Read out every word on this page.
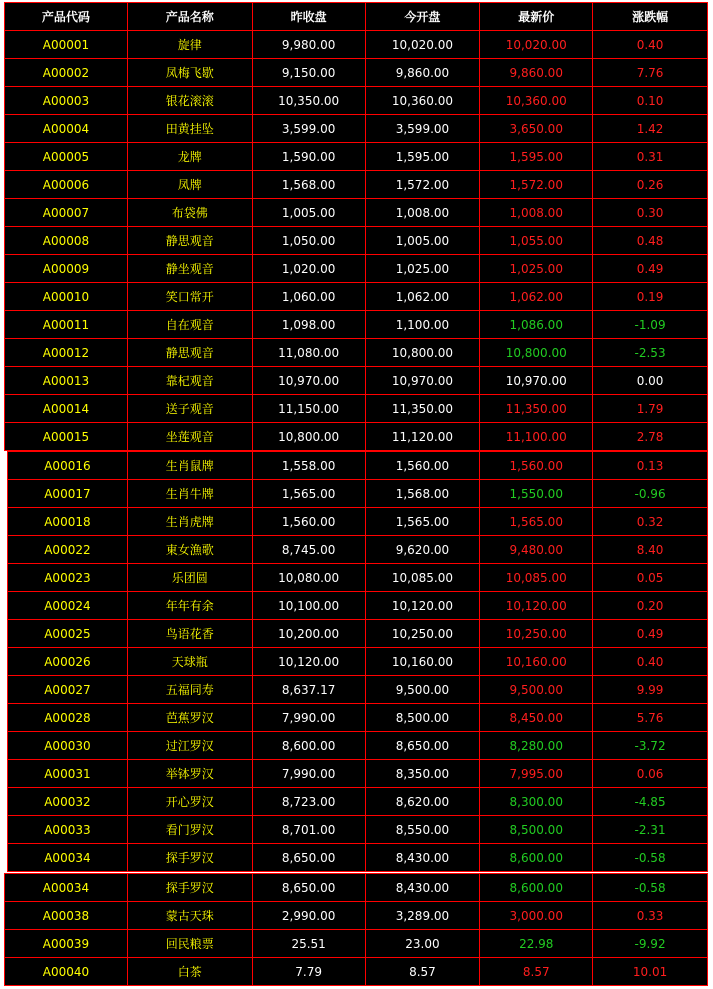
产品代码	产品名称	昨收盘	今开盘	最新价	涨跌幅
A00001	旋律	9,980.00	10,020.00	10,020.00	0.40
A00002	凤梅飞歇	9,150.00	9,860.00	9,860.00	7.76
A00003	银花滚滚	10,350.00	10,360.00	10,360.00	0.10
A00004	田黄挂坠	3,599.00	3,599.00	3,650.00	1.42
A00005	龙牌	1,590.00	1,595.00	1,595.00	0.31
A00006	凤牌	1,568.00	1,572.00	1,572.00	0.26
A00007	布袋佛	1,005.00	1,008.00	1,008.00	0.30
A00008	静思观音	1,050.00	1,005.00	1,055.00	0.48
A00009	静坐观音	1,020.00	1,025.00	1,025.00	0.49
A00010	笑口常开	1,060.00	1,062.00	1,062.00	0.19
A00011	自在观音	1,098.00	1,100.00	1,086.00	-1.09
A00012	静思观音	11,080.00	10,800.00	10,800.00	-2.53
A00013	靠杞观音	10,970.00	10,970.00	10,970.00	0.00
A00014	送子观音	11,150.00	11,350.00	11,350.00	1.79
A00015	坐莲观音	10,800.00	11,120.00	11,100.00	2.78
A00016	生肖鼠牌	1,558.00	1,560.00	1,560.00	0.13
A00017	生肖牛牌	1,565.00	1,568.00	1,550.00	-0.96
A00018	生肖虎牌	1,560.00	1,565.00	1,565.00	0.32
A00022	東女漁歌	8,745.00	9,620.00	9,480.00	8.40
A00023	乐团圆	10,080.00	10,085.00	10,085.00	0.05
A00024	年年有余	10,100.00	10,120.00	10,120.00	0.20
A00025	鸟语花香	10,200.00	10,250.00	10,250.00	0.49
A00026	天球瓶	10,120.00	10,160.00	10,160.00	0.40
A00027	五福同寿	8,637.17	9,500.00	9,500.00	9.99
A00028	芭蕉罗汉	7,990.00	8,500.00	8,450.00	5.76
A00030	过江罗汉	8,600.00	8,650.00	8,280.00	-3.72
A00031	举钵罗汉	7,990.00	8,350.00	7,995.00	0.06
A00032	开心罗汉	8,723.00	8,620.00	8,300.00	-4.85
A00033	看门罗汉	8,701.00	8,550.00	8,500.00	-2.31
A00034	探手罗汉	8,650.00	8,430.00	8,600.00	-0.58
A00034	探手罗汉	8,650.00	8,430.00	8,600.00	-0.58
A00038	蒙古天珠	2,990.00	3,289.00	3,000.00	0.33
A00039	回民粮票	25.51	23.00	22.98	-9.92
A00040	白茶	7.79	8.57	8.57	10.01
